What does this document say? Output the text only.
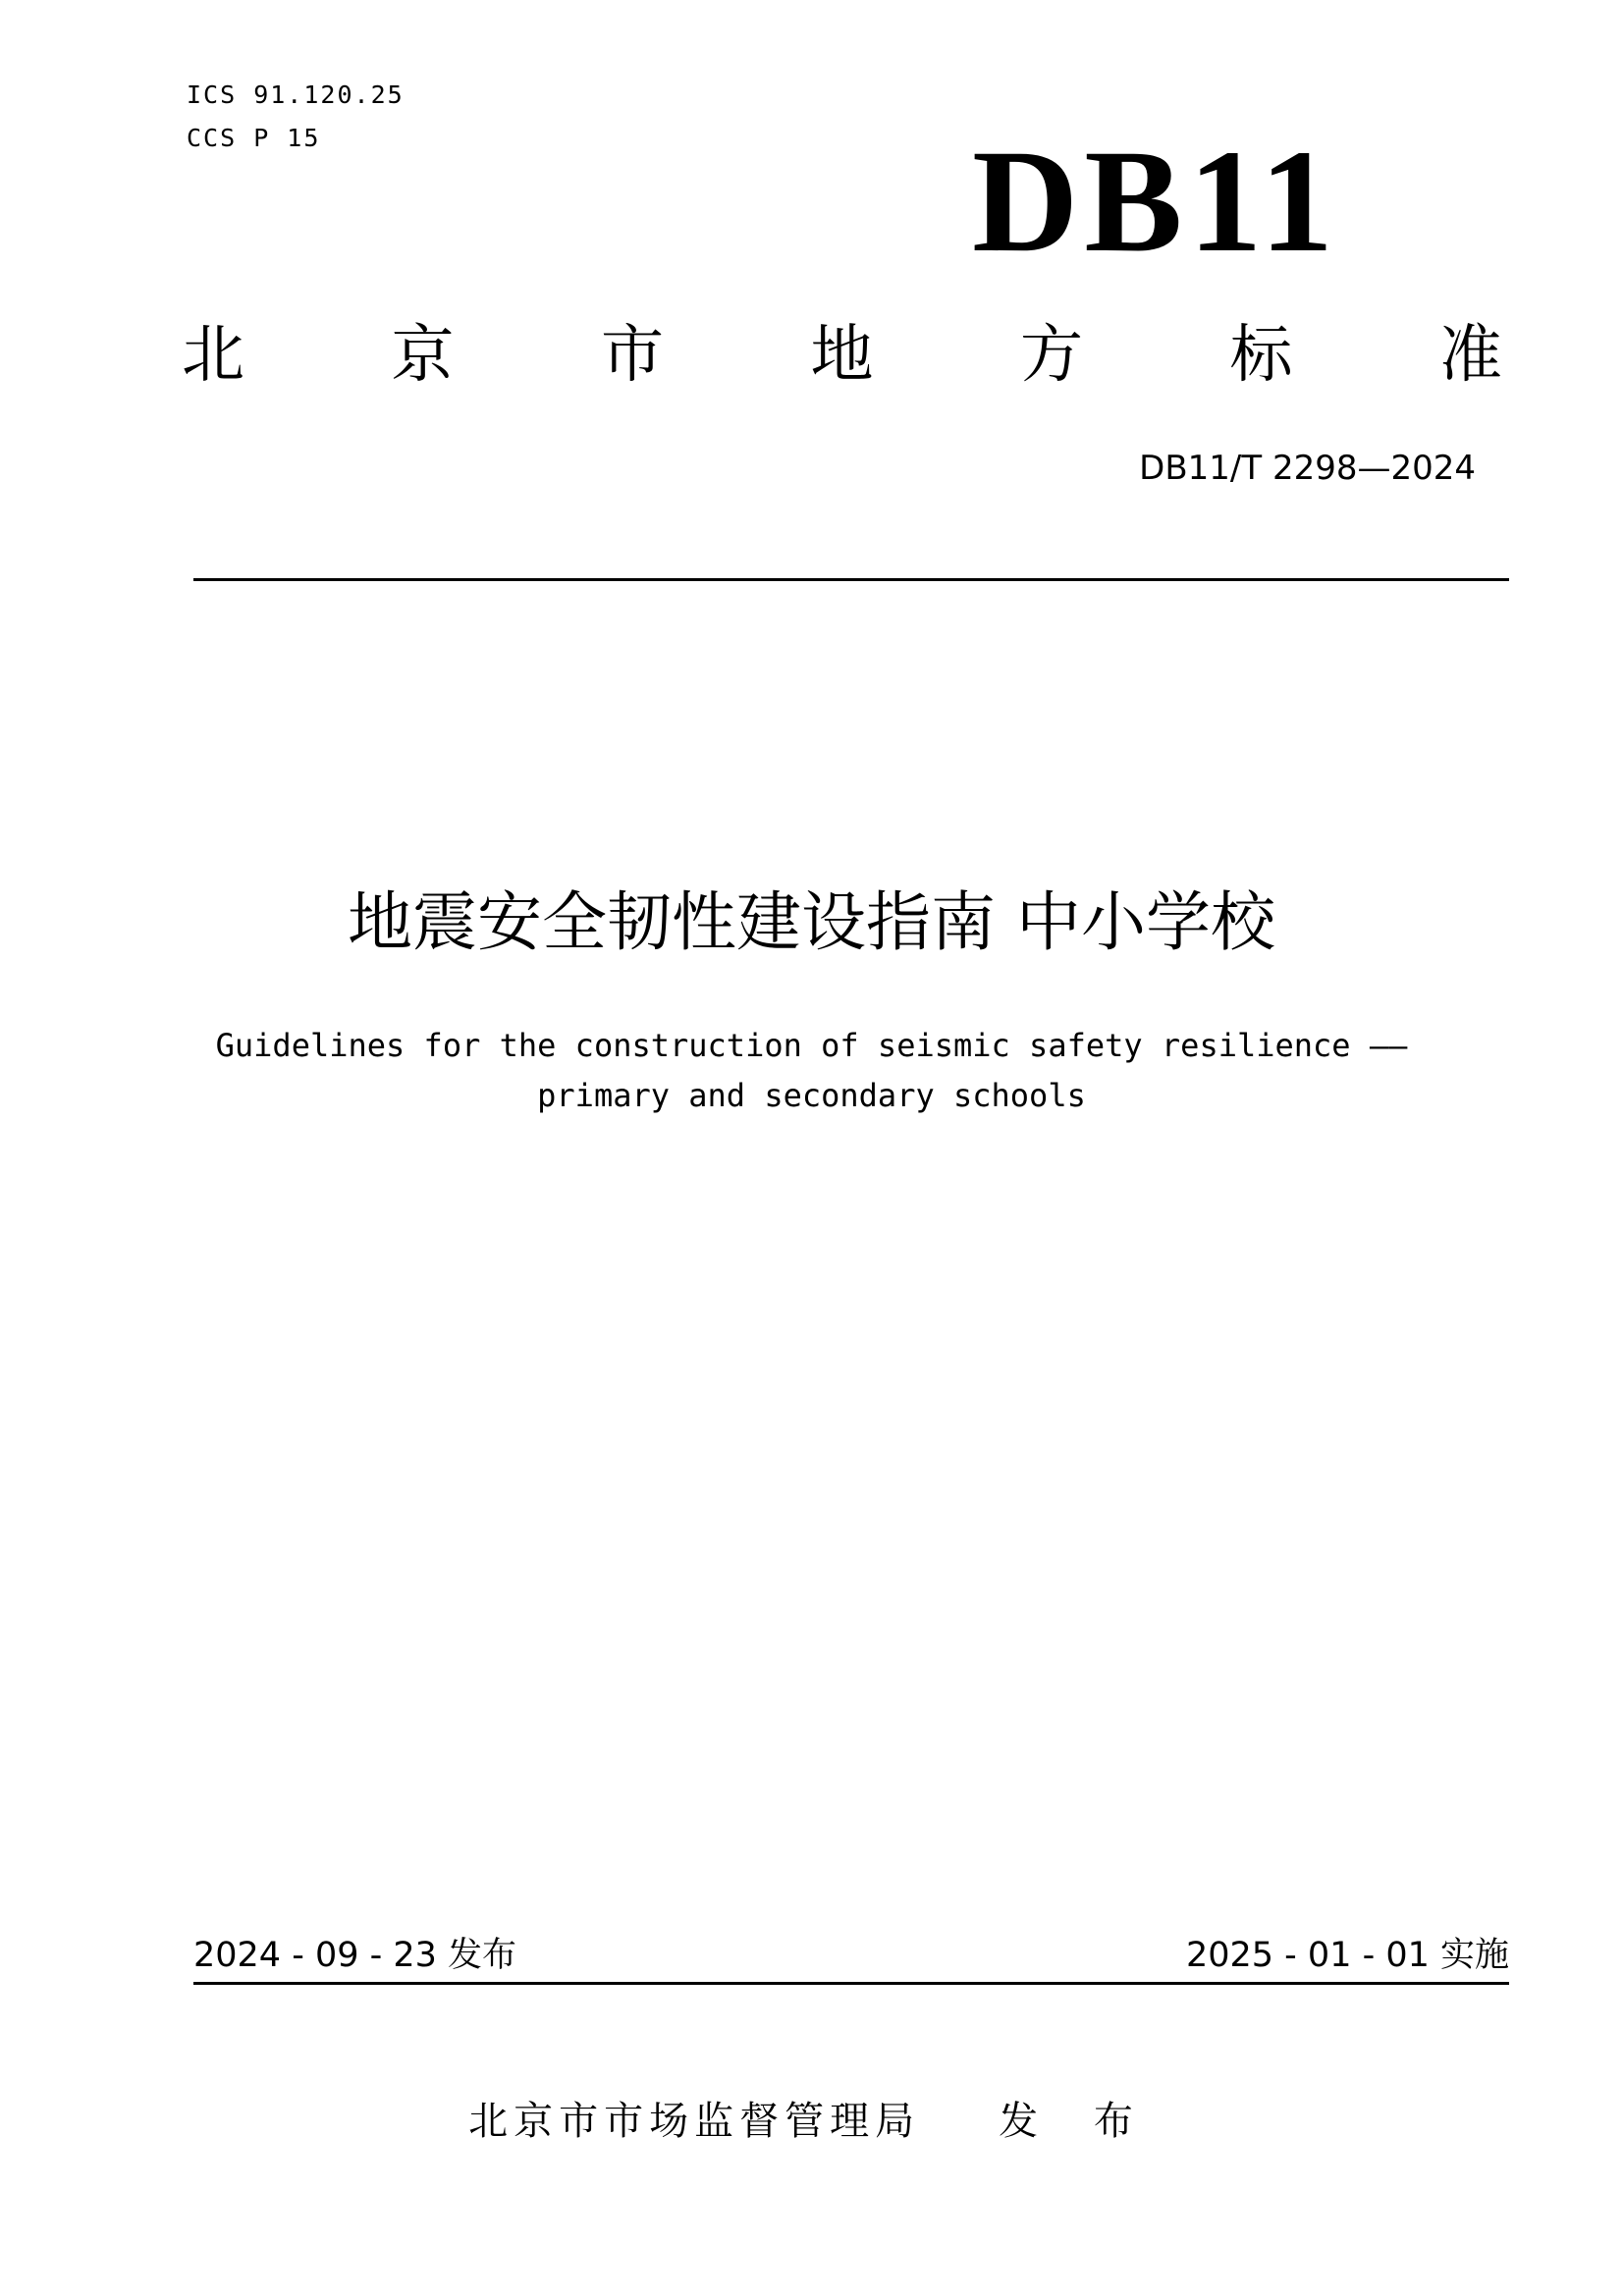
ICS 91.120.25
CCS P 15	DB11
北 京 市 地 方 标 准
DB11/T 2298—2024
地震安全韧性建设指南 中小学校
Guidelines for the construction of seismic safety resilience ——
primary and secondary schools
2024 - 09 - 23 发布	2025 - 01 - 01 实施
北京市市场监督管理局 发 布
